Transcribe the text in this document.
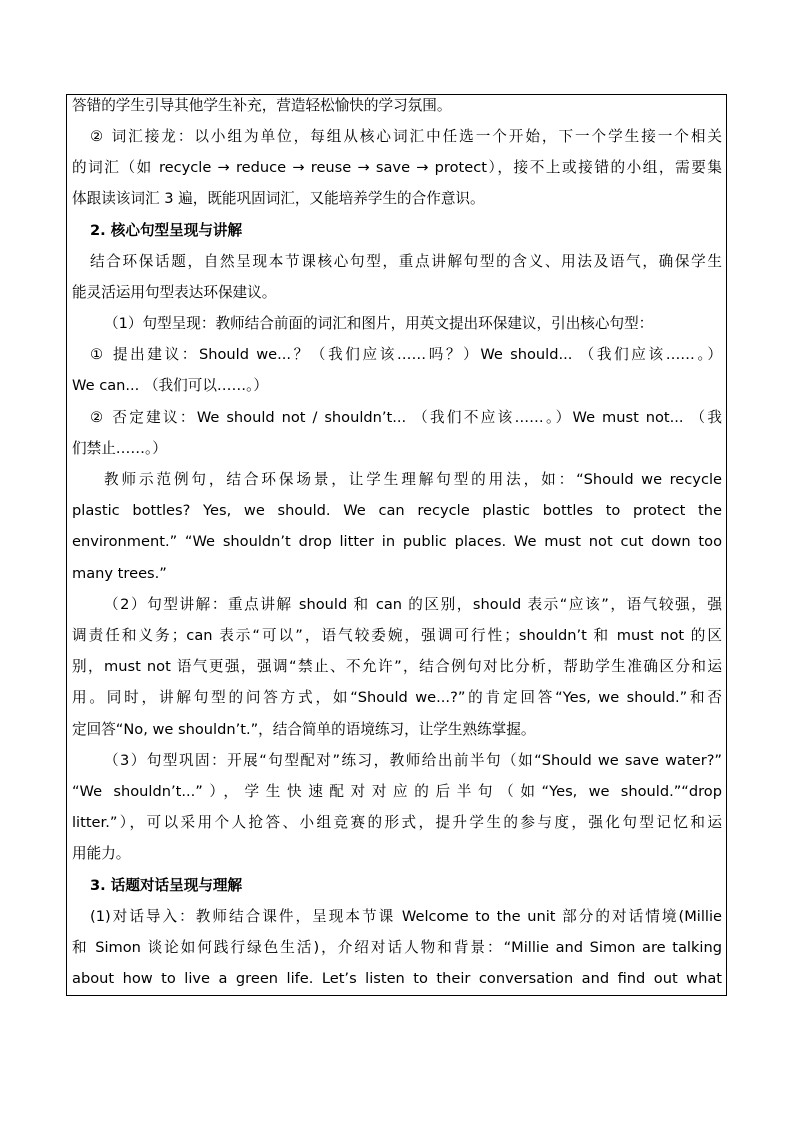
答错的学生引导其他学生补充，营造轻松愉快的学习氛围。
② 词汇接龙：以小组为单位，每组从核心词汇中任选一个开始，下一个学生接一个相关
的词汇（如 recycle → reduce → reuse → save → protect），接不上或接错的小组，需要集
体跟读该词汇 3 遍，既能巩固词汇，又能培养学生的合作意识。
2. 核心句型呈现与讲解
结合环保话题，自然呈现本节课核心句型，重点讲解句型的含义、用法及语气，确保学生
能灵活运用句型表达环保建议。
（1）句型呈现：教师结合前面的词汇和图片，用英文提出环保建议，引出核心句型：
① 提出建议：Should we...？（我们应该……吗？）We should... （我们应该……。）
We can... （我们可以……。）
② 否定建议：We should not / shouldn’t... （我们不应该……。）We must not... （我
们禁止……。）
教师示范例句，结合环保场景，让学生理解句型的用法，如：“Should we recycle
plastic bottles? Yes, we should. We can recycle plastic bottles to protect the
environment.” “We shouldn’t drop litter in public places. We must not cut down too
many trees.”
（2）句型讲解：重点讲解 should 和 can 的区别，should 表示“应该”，语气较强，强
调责任和义务；can 表示“可以”，语气较委婉，强调可行性；shouldn’t 和 must not 的区
别，must not 语气更强，强调“禁止、不允许”，结合例句对比分析，帮助学生准确区分和运
用。同时，讲解句型的问答方式，如“Should we...?”的肯定回答“Yes, we should.”和否
定回答“No, we shouldn’t.”，结合简单的语境练习，让学生熟练掌握。
（3）句型巩固：开展“句型配对”练习，教师给出前半句（如“Should we save water?”
“We shouldn’t...”），学生快速配对对应的后半句（如“Yes, we should.”“drop
litter.”），可以采用个人抢答、小组竞赛的形式，提升学生的参与度，强化句型记忆和运
用能力。
3. 话题对话呈现与理解
(1)对话导入：教师结合课件，呈现本节课 Welcome to the unit 部分的对话情境(Millie
和 Simon 谈论如何践行绿色生活)，介绍对话人物和背景：“Millie and Simon are talking
about how to live a green life. Let’s listen to their conversation and find out what
